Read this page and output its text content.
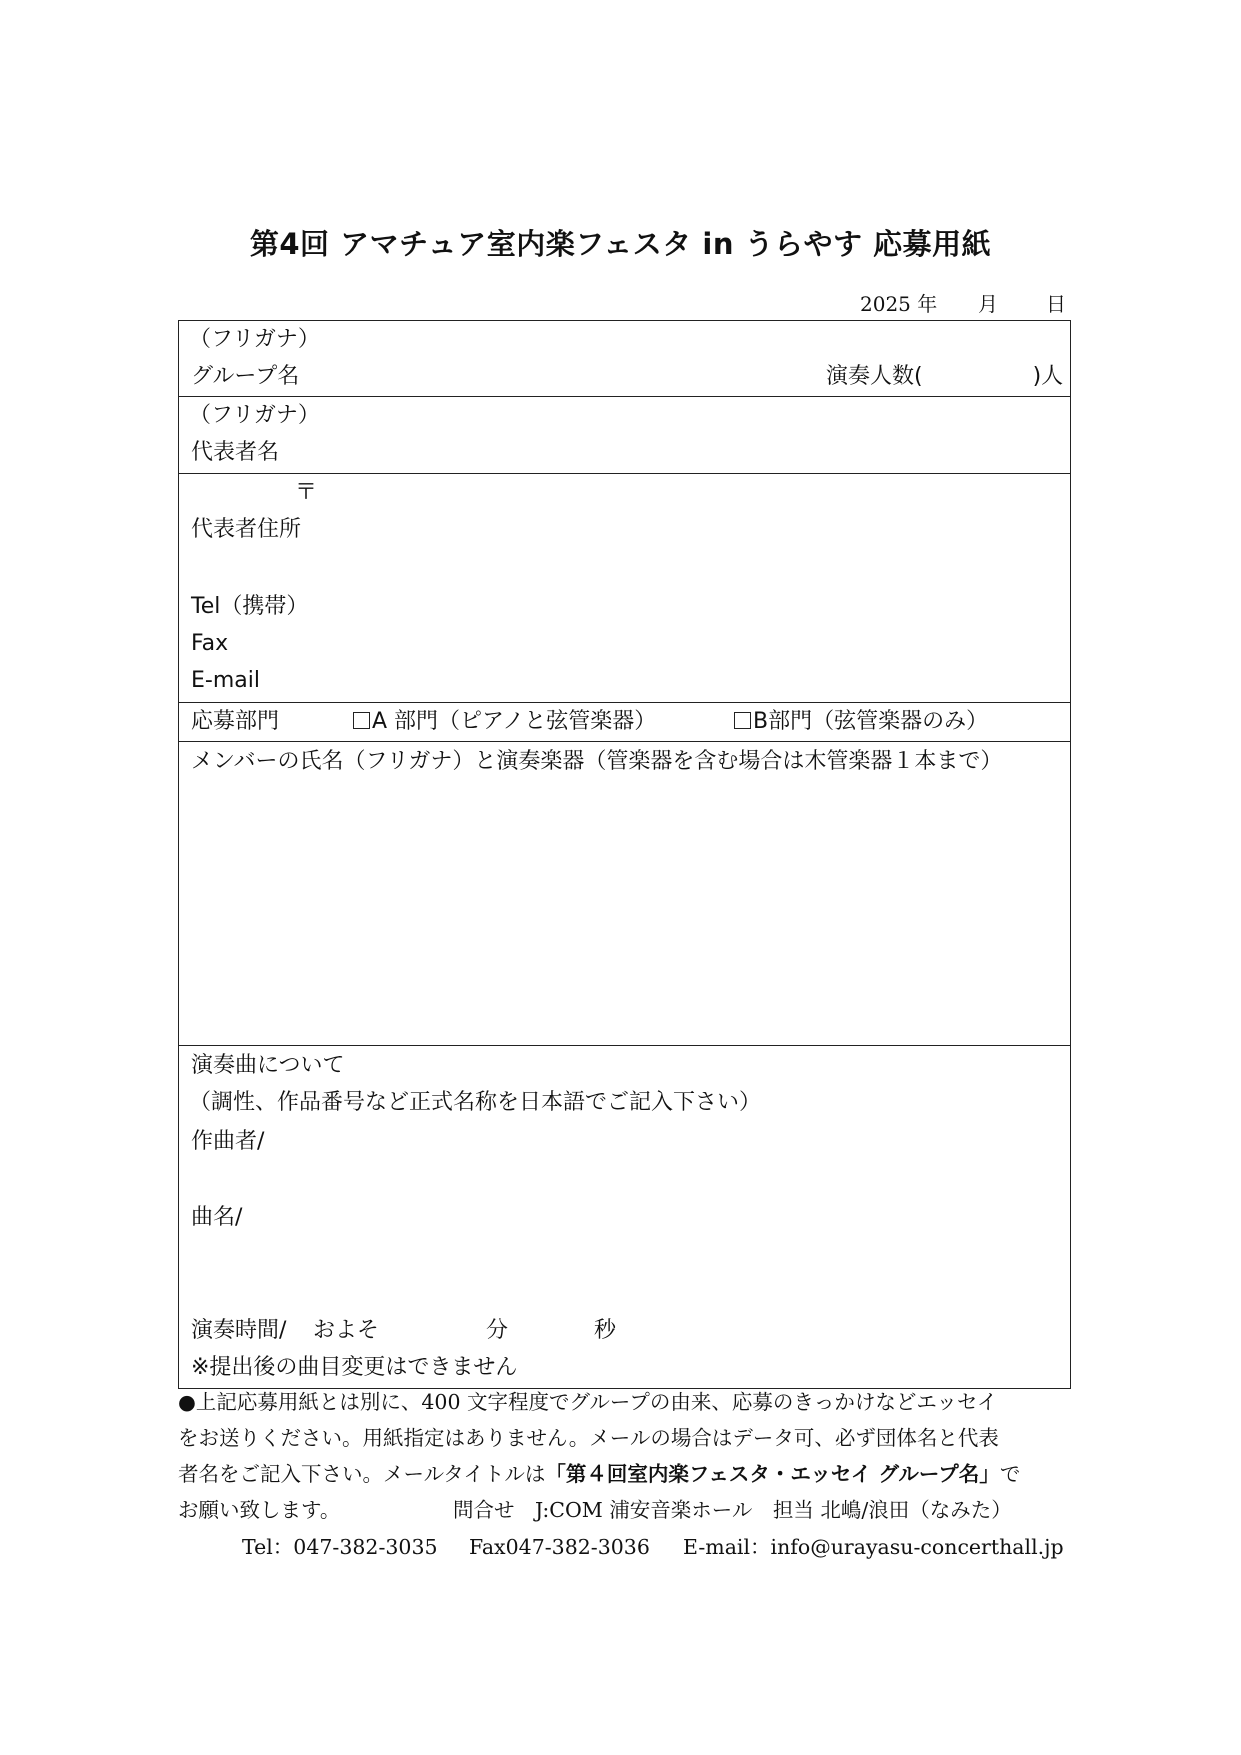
第4回 アマチュア室内楽フェスタ in うらやす 応募用紙
2025 年 月 日
（フリガナ）
グループ名	演奏人数(　　　　　)人
（フリガナ）
代表者名
〒
代表者住所
Tel（携帯）
Fax
E-mail
応募部門	A 部門（ピアノと弦管楽器）	B部門（弦管楽器のみ）
メンバーの氏名（フリガナ）と演奏楽器（管楽器を含む場合は木管楽器１本まで）
演奏曲について
（調性、作品番号など正式名称を日本語でご記入下さい）
作曲者/
曲名/
演奏時間/ およそ	分	秒
※提出後の曲目変更はできません
●上記応募用紙とは別に、400 文字程度でグループの由来、応募のきっかけなどエッセイ
をお送りください。用紙指定はありません。メールの場合はデータ可、必ず団体名と代表
者名をご記入下さい。メールタイトルは「第４回室内楽フェスタ・エッセイ グループ名」で
お願い致します。	問合せ　J:COM 浦安音楽ホール　担当 北嶋/浪田（なみた）
Tel：047-382-3035 Fax047-382-3036 E-mail：info@urayasu-concerthall.jp
